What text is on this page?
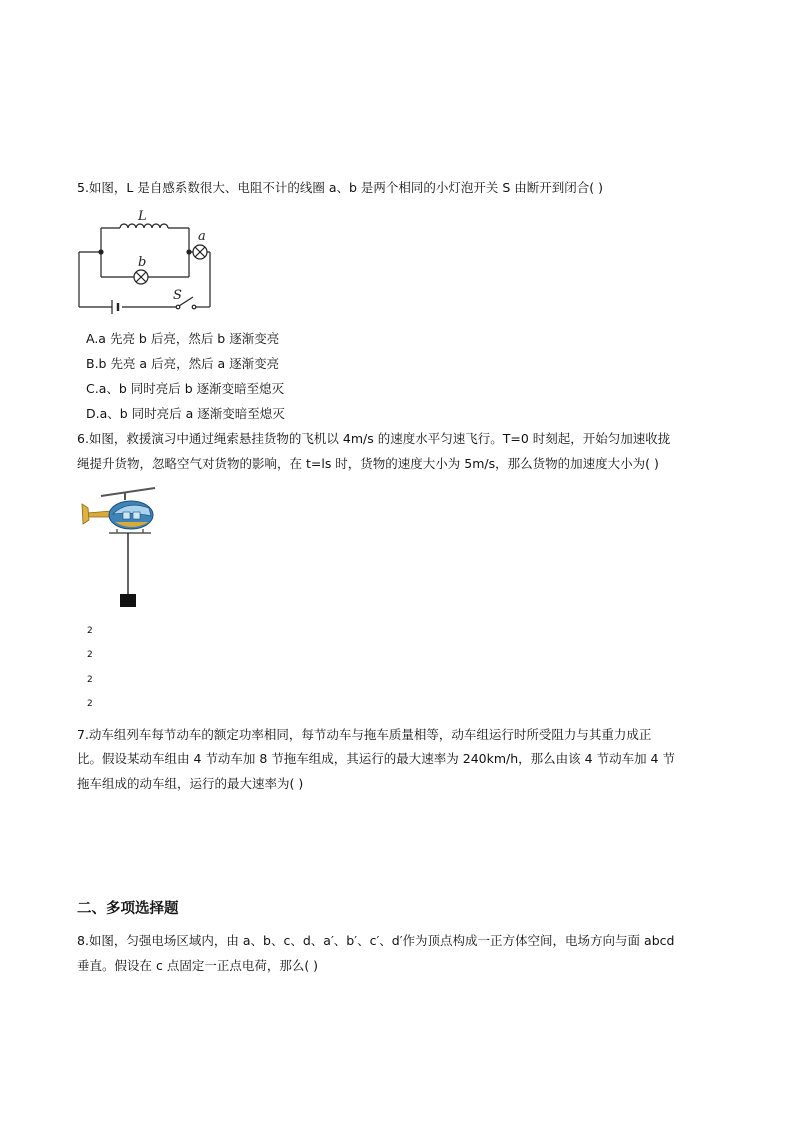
5.如图，L 是自感系数很大、电阻不计的线圈 a、b 是两个相同的小灯泡开关 S 由断开到闭合( )
L
a
b
S
A.a 先亮 b 后亮，然后 b 逐渐变亮
B.b 先亮 a 后亮，然后 a 逐渐变亮
C.a、b 同时亮后 b 逐渐变暗至熄灭
D.a、b 同时亮后 a 逐渐变暗至熄灭
6.如图，救援演习中通过绳索悬挂货物的飞机以 4m/s 的速度水平匀速飞行。T=0 时刻起，开始匀加速收拢
绳提升货物，忽略空气对货物的影响，在 t=ls 时，货物的速度大小为 5m/s，那么货物的加速度大小为( )
2
2
2
2
7.动车组列车每节动车的额定功率相同，每节动车与拖车质量相等，动车组运行时所受阻力与其重力成正
比。假设某动车组由 4 节动车加 8 节拖车组成，其运行的最大速率为 240km/h，那么由该 4 节动车加 4 节
拖车组成的动车组，运行的最大速率为( )
二、多项选择题
8.如图，匀强电场区域内，由 a、b、c、d、a′、b′、c′、d′作为顶点构成一正方体空间，电场方向与面 abcd
垂直。假设在 c 点固定一正点电荷，那么( )
